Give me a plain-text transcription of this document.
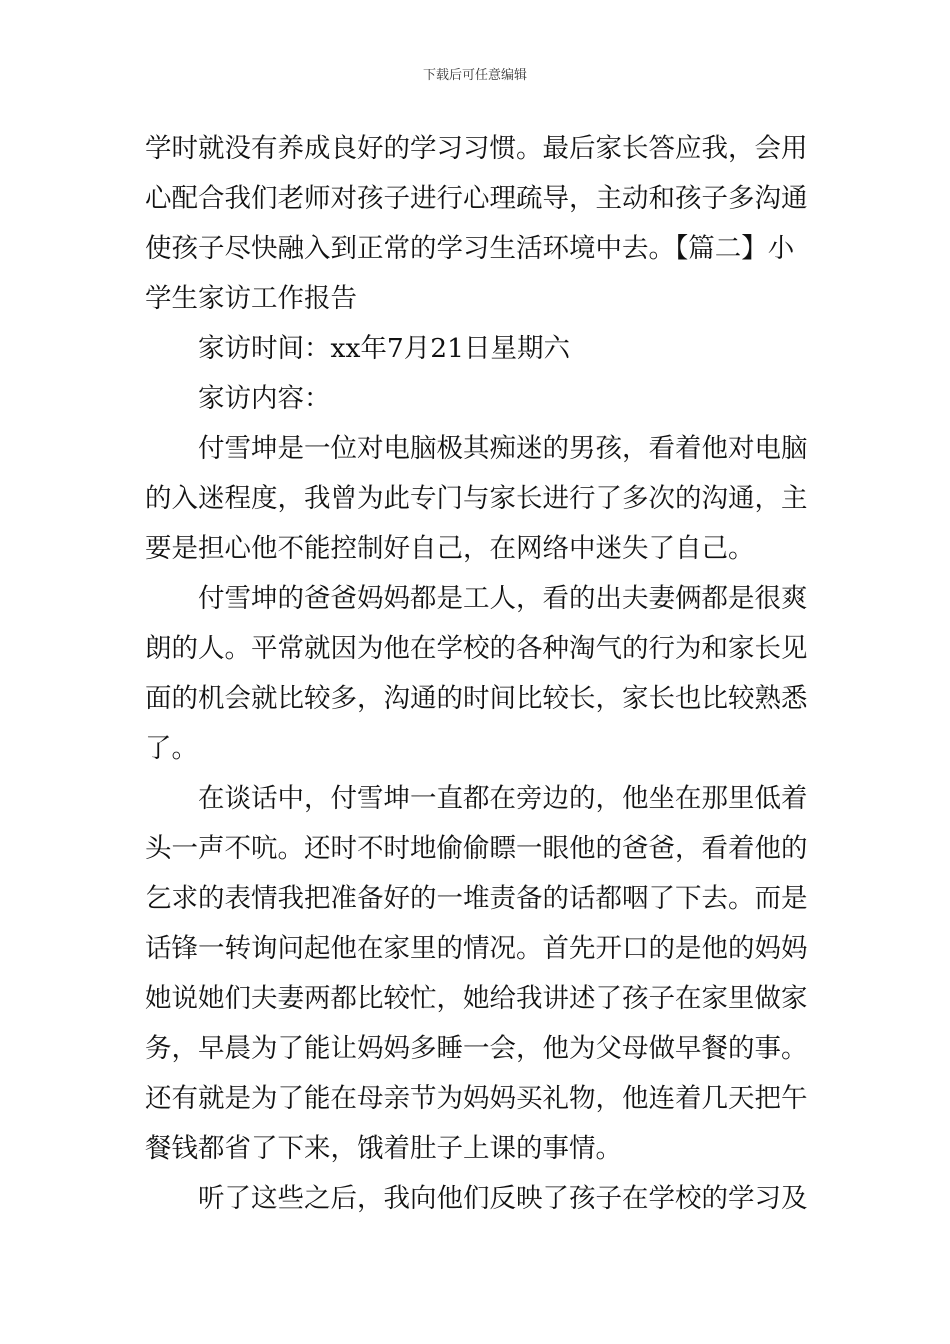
下载后可任意编辑
学时就没有养成良好的学习习惯。最后家长答应我，会用
心配合我们老师对孩子进行心理疏导，主动和孩子多沟通
使孩子尽快融入到正常的学习生活环境中去。【篇二】小
学生家访工作报告
家访时间：xx年7月21日星期六
家访内容：
付雪坤是一位对电脑极其痴迷的男孩，看着他对电脑
的入迷程度，我曾为此专门与家长进行了多次的沟通，主
要是担心他不能控制好自己，在网络中迷失了自己。
付雪坤的爸爸妈妈都是工人，看的出夫妻俩都是很爽
朗的人。平常就因为他在学校的各种淘气的行为和家长见
面的机会就比较多，沟通的时间比较长，家长也比较熟悉
了。
在谈话中，付雪坤一直都在旁边的，他坐在那里低着
头一声不吭。还时不时地偷偷瞟一眼他的爸爸，看着他的
乞求的表情我把准备好的一堆责备的话都咽了下去。而是
话锋一转询问起他在家里的情况。首先开口的是他的妈妈
她说她们夫妻两都比较忙，她给我讲述了孩子在家里做家
务，早晨为了能让妈妈多睡一会，他为父母做早餐的事。
还有就是为了能在母亲节为妈妈买礼物，他连着几天把午
餐钱都省了下来，饿着肚子上课的事情。
听了这些之后，我向他们反映了孩子在学校的学习及
